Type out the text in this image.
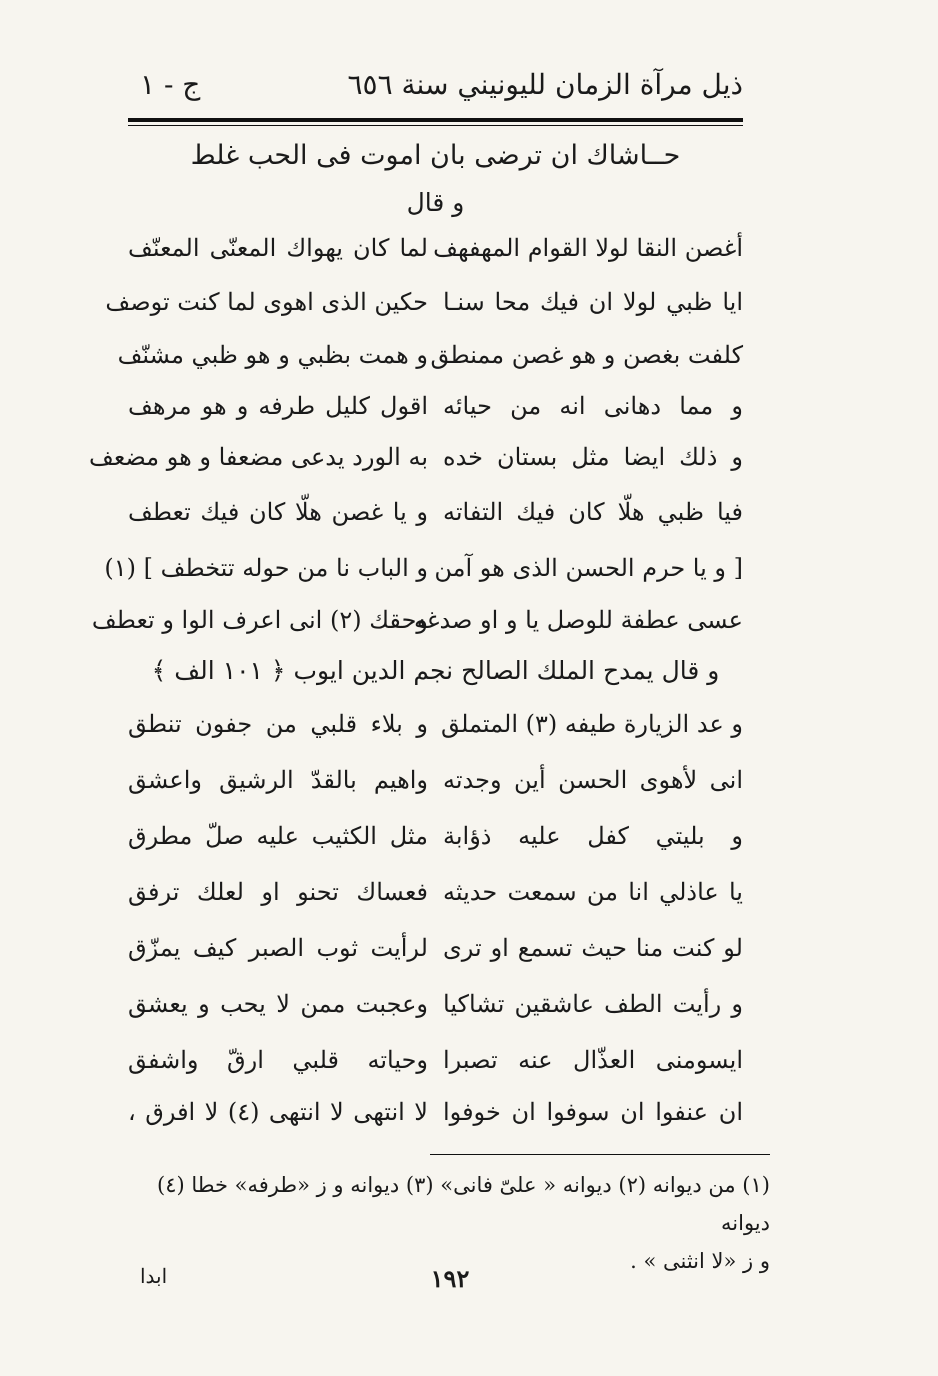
ذيل مرآة الزمان لليونيني سنة ٦٥٦
ج - ١
حــاشاك ان ترضى بان اموت فى الحب غلط
و قال
أغصن النقا لولا القوام المهفهف
لما كان يهواك المعنّى المعنّف
ايا ظبي لولا ان فيك محا سنـا
حكين الذى اهوى لما كنت توصف
كلفت بغصن و هو غصن ممنطق
و همت بظبي و هو ظبي مشنّف
و مما دهانى انه من حيائه
اقول كليل طرفه و هو مرهف
و ذلك ايضا مثل بستان خده
به الورد يدعى مضعفا و هو مضعف
فيا ظبي هلّا كان فيك التفاته
و يا غصن هلّا كان فيك تعطف
[ و يا حرم الحسن الذى هو آمن
و الباب نا من حوله تتخطف ] (١)
عسى عطفة للوصل يا و او صدغه
وحقك (٢) انى اعرف الوا و تعطف
و قال يمدح الملك الصالح نجم الدين ايوب ﴿ ١٠١ الف ﴾
و عد الزيارة طيفه (٣) المتملق
و بلاء قلبي من جفون تنطق
انى لأهوى الحسن أين وجدته
واهيم بالقدّ الرشيق واعشق
و بليتي كفل عليه ذؤابة
مثل الكثيب عليه صلّ مطرق
يا عاذلي انا من سمعت حديثه
فعساك تحنو او لعلك ترفق
لو كنت منا حيث تسمع او ترى
لرأيت ثوب الصبر كيف يمزّق
و رأيت الطف عاشقين تشاكيا
وعجبت ممن لا يحب و يعشق
ايسومنى العذّال عنه تصبرا
وحياته قلبي ارقّ واشفق
ان عنفوا ان سوفوا ان خوفوا
لا انتهى لا انتهى (٤) لا افرق ،
(١) من ديوانه (٢) ديوانه « علىّ فانى» (٣) ديوانه و ز «طرفه» خطا (٤) ديوانه
و ز «لا انثنى » .
١٩٢
ابدا
